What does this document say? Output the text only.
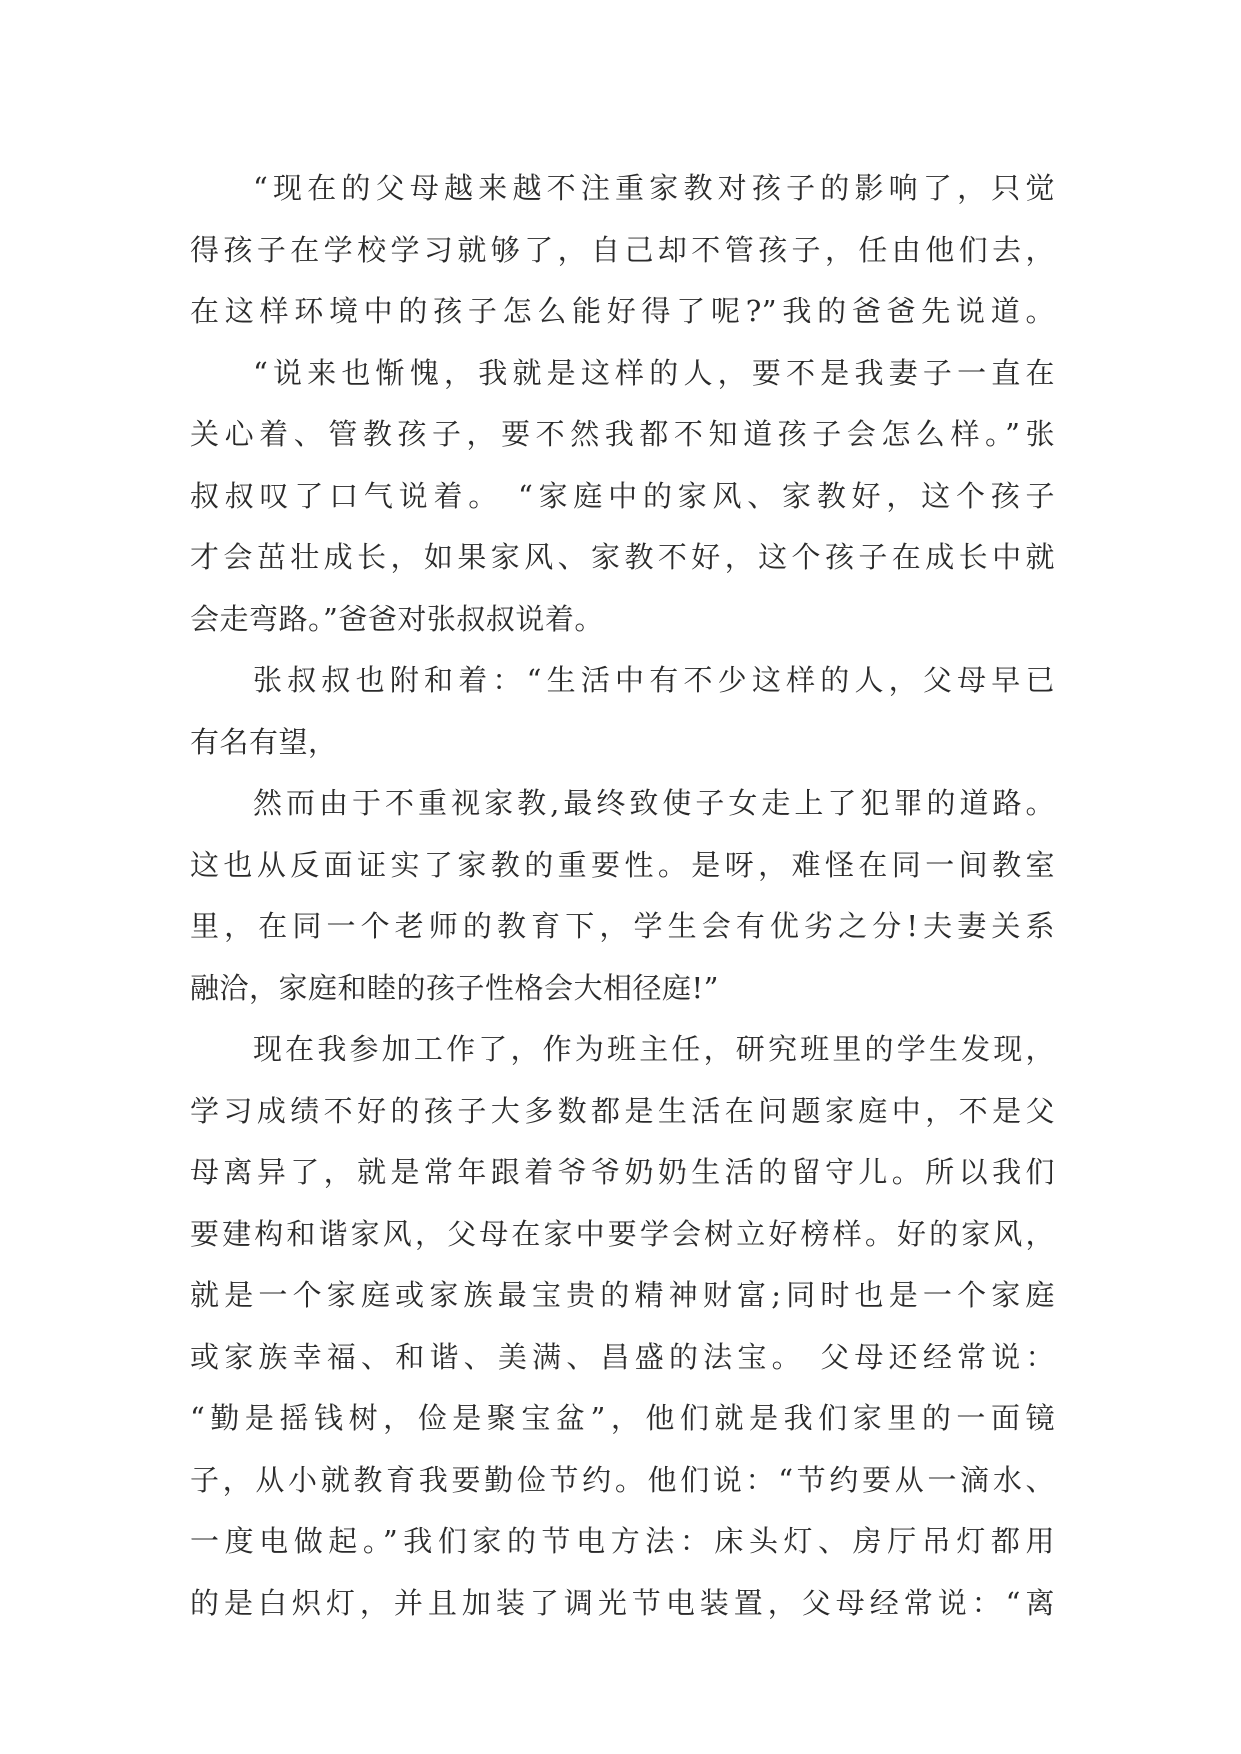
“现在的父母越来越不注重家教对孩子的影响了，只觉
得孩子在学校学习就够了，自己却不管孩子，任由他们去，
在这样环境中的孩子怎么能好得了呢?”我的爸爸先说道。
“说来也惭愧，我就是这样的人，要不是我妻子一直在
关心着、管教孩子，要不然我都不知道孩子会怎么样。”张
叔叔叹了口气说着。 “家庭中的家风、家教好，这个孩子
才会茁壮成长，如果家风、家教不好，这个孩子在成长中就
会走弯路。”爸爸对张叔叔说着。
张叔叔也附和着：“生活中有不少这样的人，父母早已
有名有望，
然而由于不重视家教,最终致使子女走上了犯罪的道路。
这也从反面证实了家教的重要性。是呀，难怪在同一间教室
里，在同一个老师的教育下，学生会有优劣之分!夫妻关系
融洽，家庭和睦的孩子性格会大相径庭!”
现在我参加工作了，作为班主任，研究班里的学生发现，
学习成绩不好的孩子大多数都是生活在问题家庭中，不是父
母离异了，就是常年跟着爷爷奶奶生活的留守儿。所以我们
要建构和谐家风，父母在家中要学会树立好榜样。好的家风，
就是一个家庭或家族最宝贵的精神财富;同时也是一个家庭
或家族幸福、和谐、美满、昌盛的法宝。 父母还经常说：
“勤是摇钱树，俭是聚宝盆”，他们就是我们家里的一面镜
子，从小就教育我要勤俭节约。他们说：“节约要从一滴水、
一度电做起。”我们家的节电方法：床头灯、房厅吊灯都用
的是白炽灯，并且加装了调光节电装置，父母经常说：“离
